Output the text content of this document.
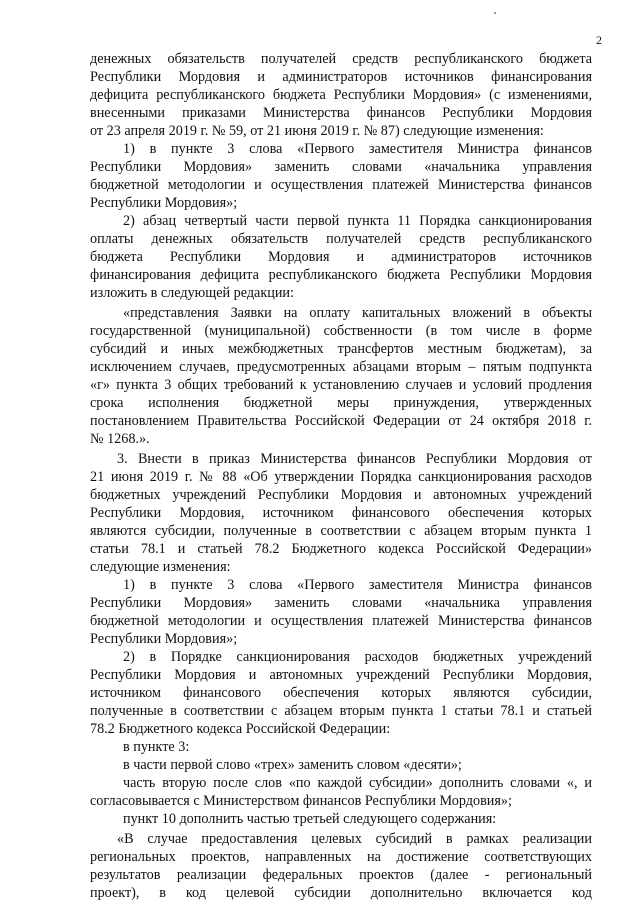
2
денежных обязательств получателей средств республиканского бюджета
Республики Мордовия и администраторов источников финансирования
дефицита республиканского бюджета Республики Мордовия» (с изменениями,
внесенными приказами Министерства финансов Республики Мордовия
от 23 апреля 2019 г. № 59, от 21 июня 2019 г. № 87) следующие изменения:
1) в пункте 3 слова «Первого заместителя Министра финансов
Республики Мордовия» заменить словами «начальника управления
бюджетной методологии и осуществления платежей Министерства финансов
Республики Мордовия»;
2) абзац четвертый части первой пункта 11 Порядка санкционирования
оплаты денежных обязательств получателей средств республиканского
бюджета Республики Мордовия и администраторов источников
финансирования дефицита республиканского бюджета Республики Мордовия
изложить в следующей редакции:
«представления Заявки на оплату капитальных вложений в объекты
государственной (муниципальной) собственности (в том числе в форме
субсидий и иных межбюджетных трансфертов местным бюджетам), за
исключением случаев, предусмотренных абзацами вторым – пятым подпункта
«г» пункта 3 общих требований к установлению случаев и условий продления
срока исполнения бюджетной меры принуждения, утвержденных
постановлением Правительства Российской Федерации от 24 октября 2018 г.
№ 1268.».
3. Внести в приказ Министерства финансов Республики Мордовия от
21 июня 2019 г. № 88 «Об утверждении Порядка санкционирования расходов
бюджетных учреждений Республики Мордовия и автономных учреждений
Республики Мордовия, источником финансового обеспечения которых
являются субсидии, полученные в соответствии с абзацем вторым пункта 1
статьи 78.1 и статьей 78.2 Бюджетного кодекса Российской Федерации»
следующие изменения:
1) в пункте 3 слова «Первого заместителя Министра финансов
Республики Мордовия» заменить словами «начальника управления
бюджетной методологии и осуществления платежей Министерства финансов
Республики Мордовия»;
2) в Порядке санкционирования расходов бюджетных учреждений
Республики Мордовия и автономных учреждений Республики Мордовия,
источником финансового обеспечения которых являются субсидии,
полученные в соответствии с абзацем вторым пункта 1 статьи 78.1 и статьей
78.2 Бюджетного кодекса Российской Федерации:
в пункте 3:
в части первой слово «трех» заменить словом «десяти»;
часть вторую после слов «по каждой субсидии» дополнить словами «, и
согласовывается с Министерством финансов Республики Мордовия»;
пункт 10 дополнить частью третьей следующего содержания:
«В случае предоставления целевых субсидий в рамках реализации
региональных проектов, направленных на достижение соответствующих
результатов реализации федеральных проектов (далее - региональный
проект), в код целевой субсидии дополнительно включается код
